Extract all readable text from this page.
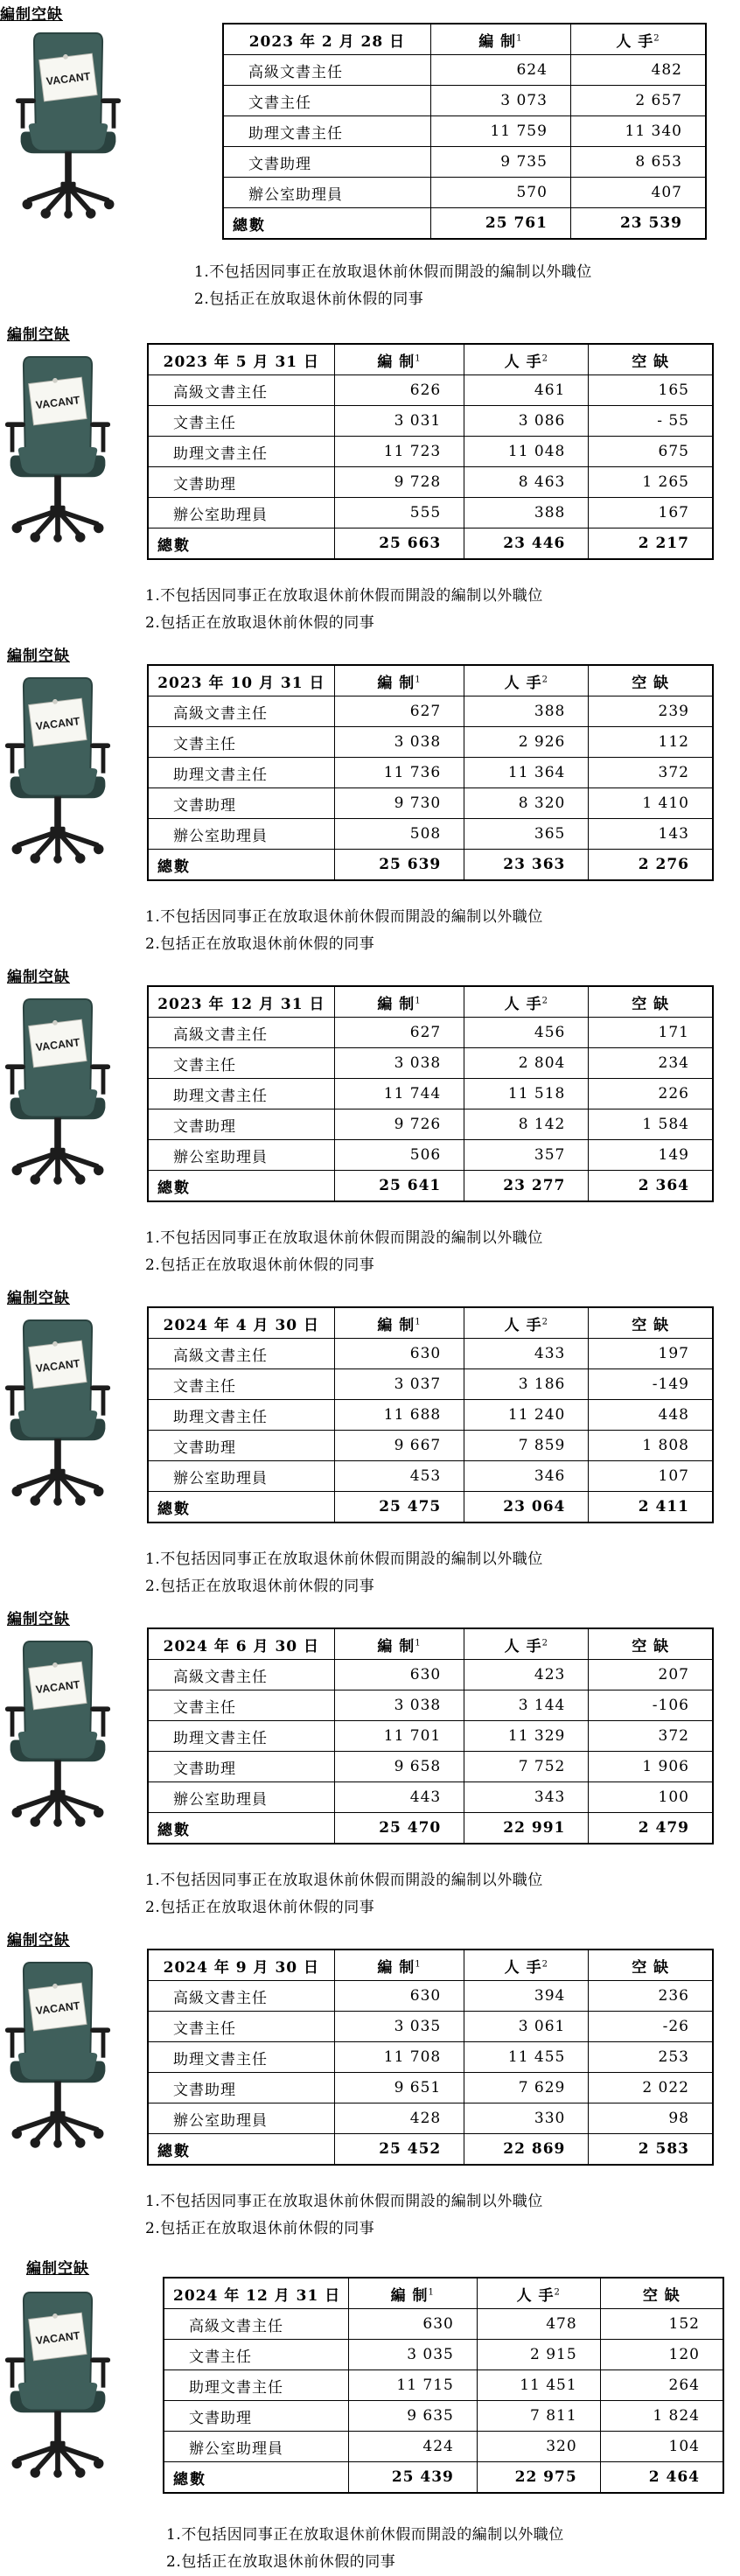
編制空缺
VACANT
2023 年 2 月 28 日	編 制$^1$	人 手$^2$
高級文書主任	624	482
文書主任	3 073	2 657
助理文書主任	11 759	11 340
文書助理	9 735	8 653
辦公室助理員	570	407
總數	25 761	23 539
1.不包括因同事正在放取退休前休假而開設的編制以外職位
2.包括正在放取退休前休假的同事
編制空缺
VACANT
2023 年 5 月 31 日	編 制$^1$	人 手$^2$	空 缺
高級文書主任	626	461	165
文書主任	3 031	3 086	- 55
助理文書主任	11 723	11 048	675
文書助理	9 728	8 463	1 265
辦公室助理員	555	388	167
總數	25 663	23 446	2 217
1.不包括因同事正在放取退休前休假而開設的編制以外職位
2.包括正在放取退休前休假的同事
編制空缺
VACANT
2023 年 10 月 31 日	編 制$^1$	人 手$^2$	空 缺
高級文書主任	627	388	239
文書主任	3 038	2 926	112
助理文書主任	11 736	11 364	372
文書助理	9 730	8 320	1 410
辦公室助理員	508	365	143
總數	25 639	23 363	2 276
1.不包括因同事正在放取退休前休假而開設的編制以外職位
2.包括正在放取退休前休假的同事
編制空缺
VACANT
2023 年 12 月 31 日	編 制$^1$	人 手$^2$	空 缺
高級文書主任	627	456	171
文書主任	3 038	2 804	234
助理文書主任	11 744	11 518	226
文書助理	9 726	8 142	1 584
辦公室助理員	506	357	149
總數	25 641	23 277	2 364
1.不包括因同事正在放取退休前休假而開設的編制以外職位
2.包括正在放取退休前休假的同事
編制空缺
VACANT
2024 年 4 月 30 日	編 制$^1$	人 手$^2$	空 缺
高級文書主任	630	433	197
文書主任	3 037	3 186	-149
助理文書主任	11 688	11 240	448
文書助理	9 667	7 859	1 808
辦公室助理員	453	346	107
總數	25 475	23 064	2 411
1.不包括因同事正在放取退休前休假而開設的編制以外職位
2.包括正在放取退休前休假的同事
編制空缺
VACANT
2024 年 6 月 30 日	編 制$^1$	人 手$^2$	空 缺
高級文書主任	630	423	207
文書主任	3 038	3 144	-106
助理文書主任	11 701	11 329	372
文書助理	9 658	7 752	1 906
辦公室助理員	443	343	100
總數	25 470	22 991	2 479
1.不包括因同事正在放取退休前休假而開設的編制以外職位
2.包括正在放取退休前休假的同事
編制空缺
VACANT
2024 年 9 月 30 日	編 制$^1$	人 手$^2$	空 缺
高級文書主任	630	394	236
文書主任	3 035	3 061	-26
助理文書主任	11 708	11 455	253
文書助理	9 651	7 629	2 022
辦公室助理員	428	330	98
總數	25 452	22 869	2 583
1.不包括因同事正在放取退休前休假而開設的編制以外職位
2.包括正在放取退休前休假的同事
編制空缺
VACANT
2024 年 12 月 31 日	編 制$^1$	人 手$^2$	空 缺
高級文書主任	630	478	152
文書主任	3 035	2 915	120
助理文書主任	11 715	11 451	264
文書助理	9 635	7 811	1 824
辦公室助理員	424	320	104
總數	25 439	22 975	2 464
1.不包括因同事正在放取退休前休假而開設的編制以外職位
2.包括正在放取退休前休假的同事
